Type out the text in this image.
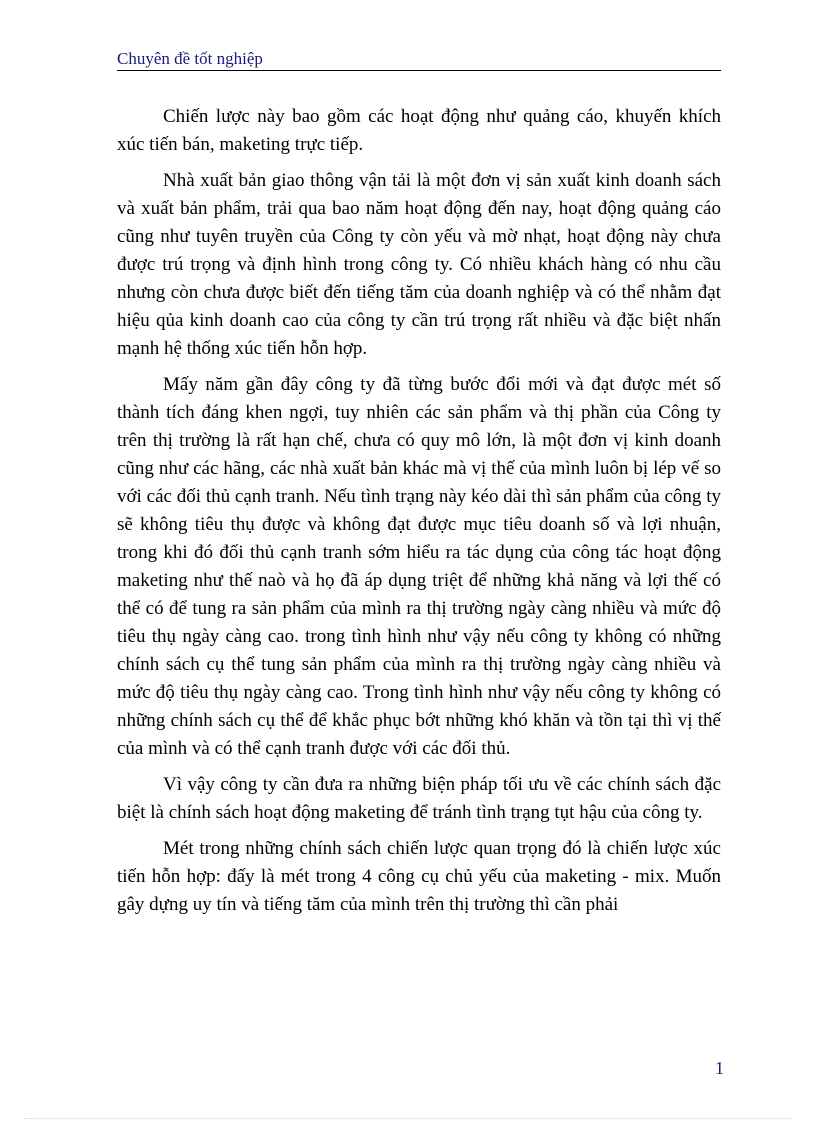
Chuyên đề tốt nghiệp

Chiến lược này bao gồm các hoạt động như quảng cáo, khuyến khích xúc tiến bán, maketing trực tiếp.

Nhà xuất bản giao thông vận tải là một đơn vị sản xuất kinh doanh sách và xuất bản phẩm, trải qua bao năm hoạt động đến nay, hoạt động quảng cáo cũng như tuyên truyền của Công ty còn yếu và mờ nhạt, hoạt động này chưa được trú trọng và định hình trong công ty. Có nhiều khách hàng có nhu cầu nhưng còn chưa được biết đến tiếng tăm của doanh nghiệp và có thể nhằm đạt hiệu qủa kinh doanh cao của công ty cần trú trọng rất nhiều và đặc biệt nhấn mạnh hệ thống xúc tiến hỗn hợp.

Mấy năm gần đây công ty đã từng bước đổi mới và đạt được mét số thành tích đáng khen ngợi, tuy nhiên các sản phẩm và thị phần của Công ty trên thị trường là rất hạn chế, chưa có quy mô lớn, là một đơn vị kinh doanh cũng như các hãng, các nhà xuất bản khác mà vị thế của mình luôn bị lép vế so với các đối thủ cạnh tranh. Nếu tình trạng này kéo dài thì sản phẩm của công ty sẽ không tiêu thụ được và không đạt được mục tiêu doanh số và lợi nhuận, trong khi đó đối thủ cạnh tranh sớm hiểu ra tác dụng của công tác hoạt động maketing như thế naò và họ đã áp dụng triệt để những khả năng và lợi thế có thể có để tung ra sản phẩm của mình ra thị trường ngày càng nhiều và mức độ tiêu thụ ngày càng cao. trong tình hình như vậy nếu công ty không có những chính sách cụ thể tung sản phẩm của mình ra thị trường ngày càng nhiều và mức độ tiêu thụ ngày càng cao. Trong tình hình như vậy nếu công ty không có những chính sách cụ thể để khắc phục bớt những khó khăn và tồn tại thì vị thế của mình và có thể cạnh tranh được với các đối thủ.

Vì vậy công ty cần đưa ra những biện pháp tối ưu về các chính sách đặc biệt là chính sách hoạt động maketing để tránh tình trạng tụt hậu của công ty.

Mét trong những chính sách chiến lược quan trọng đó là chiến lược xúc tiến hỗn hợp: đấy là mét trong 4 công cụ chủ yếu của maketing - mix. Muốn gây dựng uy tín và tiếng tăm của mình trên thị trường thì cần phải

1
